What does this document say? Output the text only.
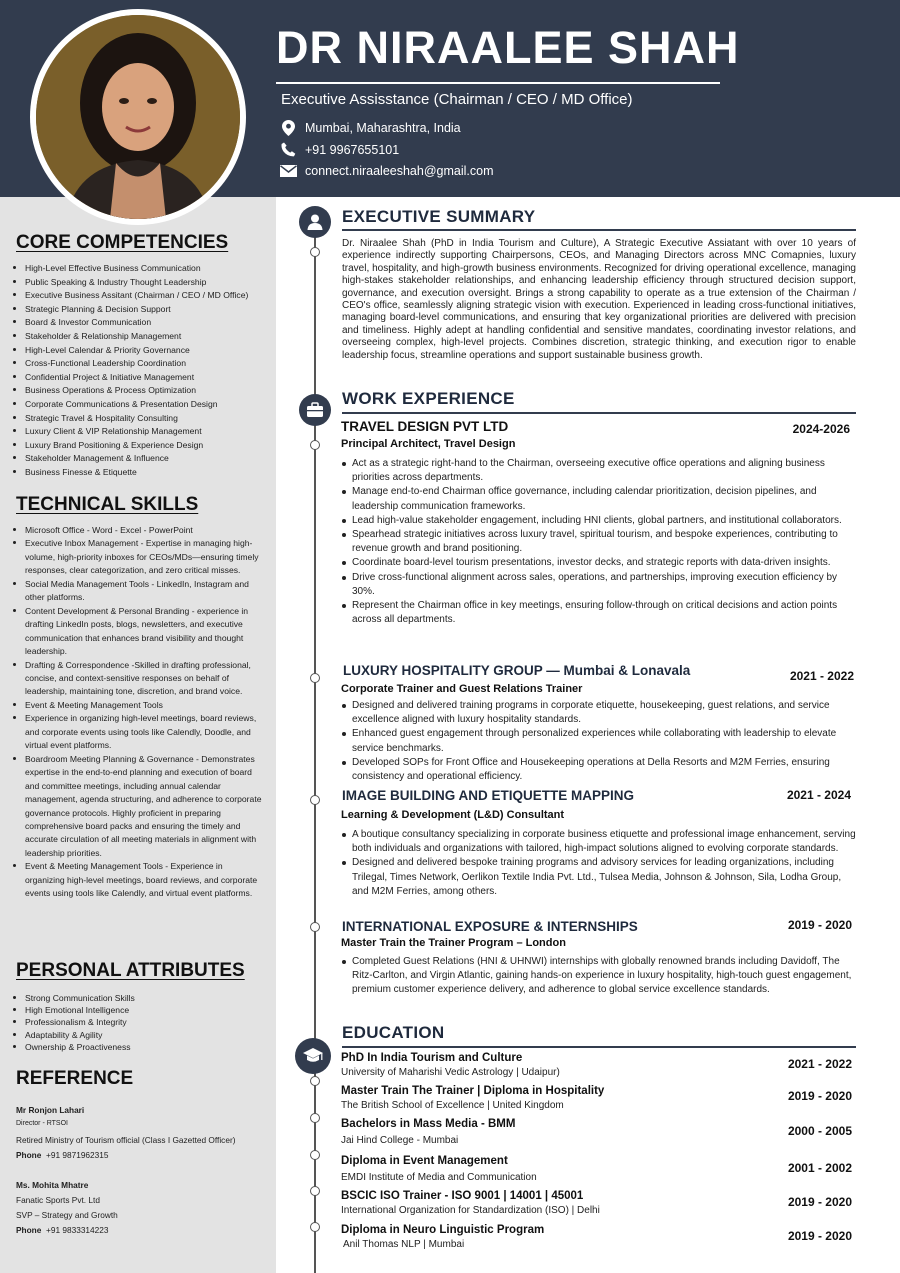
DR NIRAALEE SHAH
Executive Assisstance (Chairman / CEO / MD Office)
Mumbai, Maharashtra, India
+91 9967655101
connect.niraaleeshah@gmail.com
CORE COMPETENCIES
High-Level Effective Business Communication
Public Speaking & Industry Thought Leadership
Executive Business Assitant (Chairman / CEO / MD Office)
Strategic Planning & Decision Support
Board & Investor Communication
Stakeholder & Relationship Management
High-Level Calendar & Priority Governance
Cross-Functional Leadership Coordination
Confidential Project & Initiative Management
Business Operations & Process Optimization
Corporate Communications & Presentation Design
Strategic Travel & Hospitality Consulting
Luxury Client & VIP Relationship Management
Luxury Brand Positioning & Experience Design
Stakeholder Management & Influence
Business Finesse & Etiquette
TECHNICAL SKILLS
Microsoft Office - Word - Excel - PowerPoint
Executive Inbox Management - Expertise in managing high-volume, high-priority inboxes for CEOs/MDs—ensuring timely responses, clear categorization, and zero critical misses.
Social Media Management Tools - LinkedIn, Instagram and other platforms.
Content Development & Personal Branding - experience in drafting LinkedIn posts, blogs, newsletters, and executive communication that enhances brand visibility and thought leadership.
Drafting & Correspondence -Skilled in drafting professional, concise, and context-sensitive responses on behalf of leadership, maintaining tone, discretion, and brand voice.
Event & Meeting Management Tools
Experience in organizing high-level meetings, board reviews, and corporate events using tools like Calendly, Doodle, and virtual event platforms.
Boardroom Meeting Planning & Governance - Demonstrates expertise in the end-to-end planning and execution of board and committee meetings, including annual calendar management, agenda structuring, and adherence to corporate governance protocols. Highly proficient in preparing comprehensive board packs and ensuring the timely and accurate circulation of all meeting materials in alignment with leadership priorities.
Event & Meeting Management Tools - Experience in organizing high-level meetings, board reviews, and corporate events using tools like Calendly, and virtual event platforms.
PERSONAL ATTRIBUTES
Strong Communication Skills
High Emotional Intelligence
Professionalism & Integrity
Adaptability & Agility
Ownership & Proactiveness
REFERENCE
Mr Ronjon Lahari
Director - RTSOI
Retired Ministry of Tourism official (Class I Gazetted Officer)
Phone +91 9871962315
Ms. Mohita Mhatre
Fanatic Sports Pvt. Ltd
SVP – Strategy and Growth
Phone +91 9833314223
EXECUTIVE SUMMARY
Dr. Niraalee Shah (PhD in India Tourism and Culture), A Strategic Executive Assiatant with over 10 years of experience indirectly supporting Chairpersons, CEOs, and Managing Directors across MNC Comapnies, luxury travel, hospitality, and high-growth business environments. Recognized for driving operational excellence, managing high-stakes stakeholder relationships, and enhancing leadership efficiency through structured decision support, governance, and execution oversight. Brings a strong capability to operate as a true extension of the Chairman / CEO's office, seamlessly aligning strategic vision with execution. Experienced in leading cross-functional initiatives, managing board-level communications, and ensuring that key organizational priorities are delivered with precision and timeliness. Highly adept at handling confidential and sensitive mandates, coordinating investor relations, and overseeing complex, high-level projects. Combines discretion, strategic thinking, and execution rigor to enable leadership focus, streamline operations and support sustainable business growth.
WORK EXPERIENCE
TRAVEL DESIGN PVT LTD	2024-2026
Principal Architect, Travel Design
Act as a strategic right-hand to the Chairman, overseeing executive office operations and aligning business priorities across departments.
Manage end-to-end Chairman office governance, including calendar prioritization, decision pipelines, and leadership communication frameworks.
Lead high-value stakeholder engagement, including HNI clients, global partners, and institutional collaborators.
Spearhead strategic initiatives across luxury travel, spiritual tourism, and bespoke experiences, contributing to revenue growth and brand positioning.
Coordinate board-level tourism presentations, investor decks, and strategic reports with data-driven insights.
Drive cross-functional alignment across sales, operations, and partnerships, improving execution efficiency by 30%.
Represent the Chairman office in key meetings, ensuring follow-through on critical decisions and action points across all departments.
LUXURY HOSPITALITY GROUP — Mumbai & Lonavala	2021 - 2022
Corporate Trainer and Guest Relations Trainer
Designed and delivered training programs in corporate etiquette, housekeeping, guest relations, and service excellence aligned with luxury hospitality standards.
Enhanced guest engagement through personalized experiences while collaborating with leadership to elevate service benchmarks.
Developed SOPs for Front Office and Housekeeping operations at Della Resorts and M2M Ferries, ensuring consistency and operational efficiency.
IMAGE BUILDING AND ETIQUETTE MAPPING	2021 - 2024
Learning & Development (L&D) Consultant
A boutique consultancy specializing in corporate business etiquette and professional image enhancement, serving both individuals and organizations with tailored, high-impact solutions aligned to evolving corporate standards.
Designed and delivered bespoke training programs and advisory services for leading organizations, including Trilegal, Times Network, Oerlikon Textile India Pvt. Ltd., Tulsea Media, Johnson & Johnson, Sila, Lodha Group, and M2M Ferries, among others.
INTERNATIONAL EXPOSURE & INTERNSHIPS	2019 - 2020
Master Train the Trainer Program – London
Completed Guest Relations (HNI & UHNWI) internships with globally renowned brands including Davidoff, The Ritz-Carlton, and Virgin Atlantic, gaining hands-on experience in luxury hospitality, high-touch guest engagement, premium customer experience delivery, and adherence to global service excellence standards.
EDUCATION
PhD In India Tourism and Culture
University of Maharishi Vedic Astrology | Udaipur)
2021 - 2022
Master Train The Trainer | Diploma in Hospitality
The British School of Excellence | United Kingdom
2019 - 2020
Bachelors in Mass Media - BMM
Jai Hind College - Mumbai
2000 - 2005
Diploma in Event Management
EMDI Institute of Media and Communication
2001 - 2002
BSCIC ISO Trainer - ISO 9001 | 14001 | 45001
International Organization for Standardization (ISO) | Delhi
2019 - 2020
Diploma in Neuro Linguistic Program
Anil Thomas NLP | Mumbai
2019 - 2020
